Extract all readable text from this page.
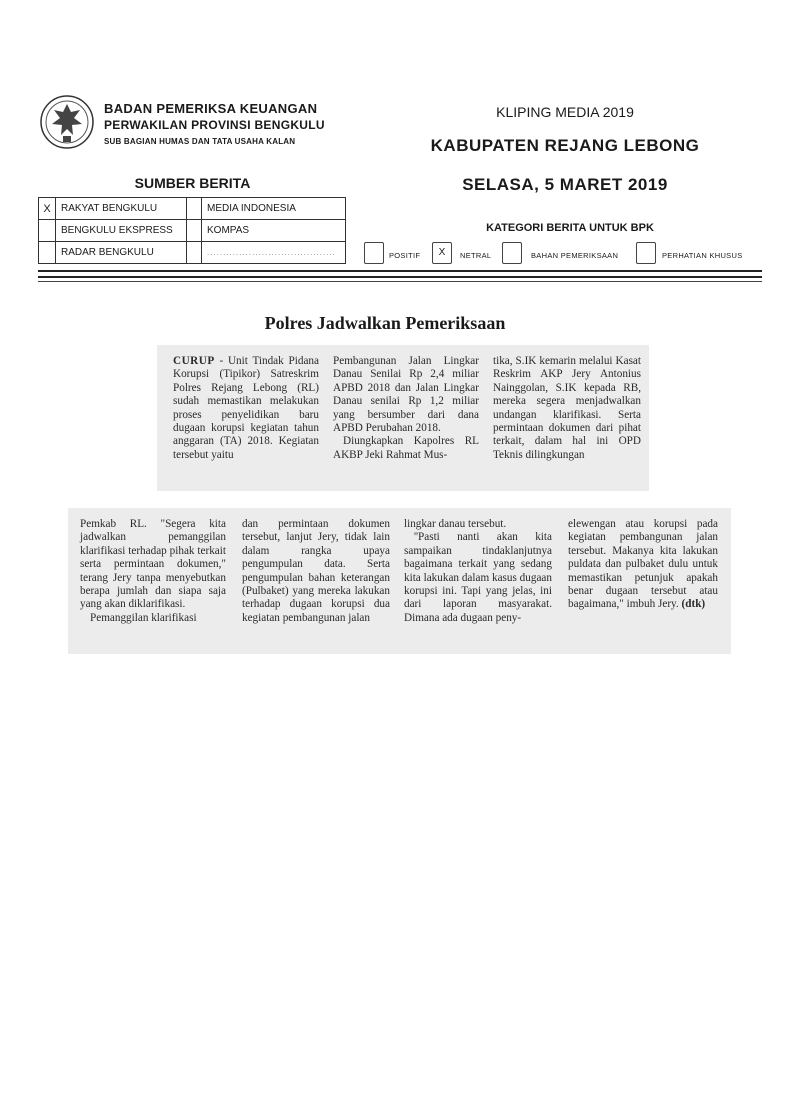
BADAN PEMERIKSA KEUANGAN
PERWAKILAN PROVINSI BENGKULU
SUB BAGIAN HUMAS DAN TATA USAHA KALAN
KLIPING MEDIA 2019
KABUPATEN REJANG LEBONG
SELASA, 5 MARET 2019
SUMBER BERITA
X	RAKYAT BENGKULU		MEDIA INDONESIA
	BENGKULU EKSPRESS		KOMPAS
	RADAR BENGKULU		........................................
KATEGORI BERITA UNTUK BPK
POSITIF	X	NETRAL	BAHAN PEMERIKSAAN	PERHATIAN KHUSUS
Polres Jadwalkan Pemeriksaan

CURUP - Unit Tindak Pidana Korupsi (Tipikor) Satreskrim Polres Rejang Lebong (RL) sudah memastikan melakukan proses penyelidikan baru dugaan korupsi kegiatan tahun anggaran (TA) 2018. Kegiatan tersebut yaitu

Pembangunan Jalan Lingkar Danau Senilai Rp 2,4 miliar APBD 2018 dan Jalan Lingkar Danau senilai Rp 1,2 miliar yang bersumber dari dana APBD Perubahan 2018.

Diungkapkan Kapolres RL AKBP Jeki Rahmat Mus-

tika, S.IK kemarin melalui Kasat Reskrim AKP Jery Antonius Nainggolan, S.IK kepada RB, mereka segera menjadwalkan undangan klarifikasi. Serta permintaan dokumen dari pihat terkait, dalam hal ini OPD Teknis dilingkungan

Pemkab RL. "Segera kita jadwalkan pemanggilan klarifikasi terhadap pihak terkait serta permintaan dokumen," terang Jery tanpa menyebutkan berapa jumlah dan siapa saja yang akan diklarifikasi.

Pemanggilan klarifikasi

dan permintaan dokumen tersebut, lanjut Jery, tidak lain dalam rangka upaya pengumpulan data. Serta pengumpulan bahan keterangan (Pulbaket) yang mereka lakukan terhadap dugaan korupsi dua kegiatan pembangunan jalan

lingkar danau tersebut.

''Pasti nanti akan kita sampaikan tindaklanjutnya bagaimana terkait yang sedang kita lakukan dalam kasus dugaan korupsi ini. Tapi yang jelas, ini dari laporan masyarakat. Dimana ada dugaan peny-

elewengan atau korupsi pada kegiatan pembangunan jalan tersebut. Makanya kita lakukan puldata dan pulbaket dulu untuk memastikan petunjuk apakah benar dugaan tersebut atau bagaimana," imbuh Jery. (dtk)
